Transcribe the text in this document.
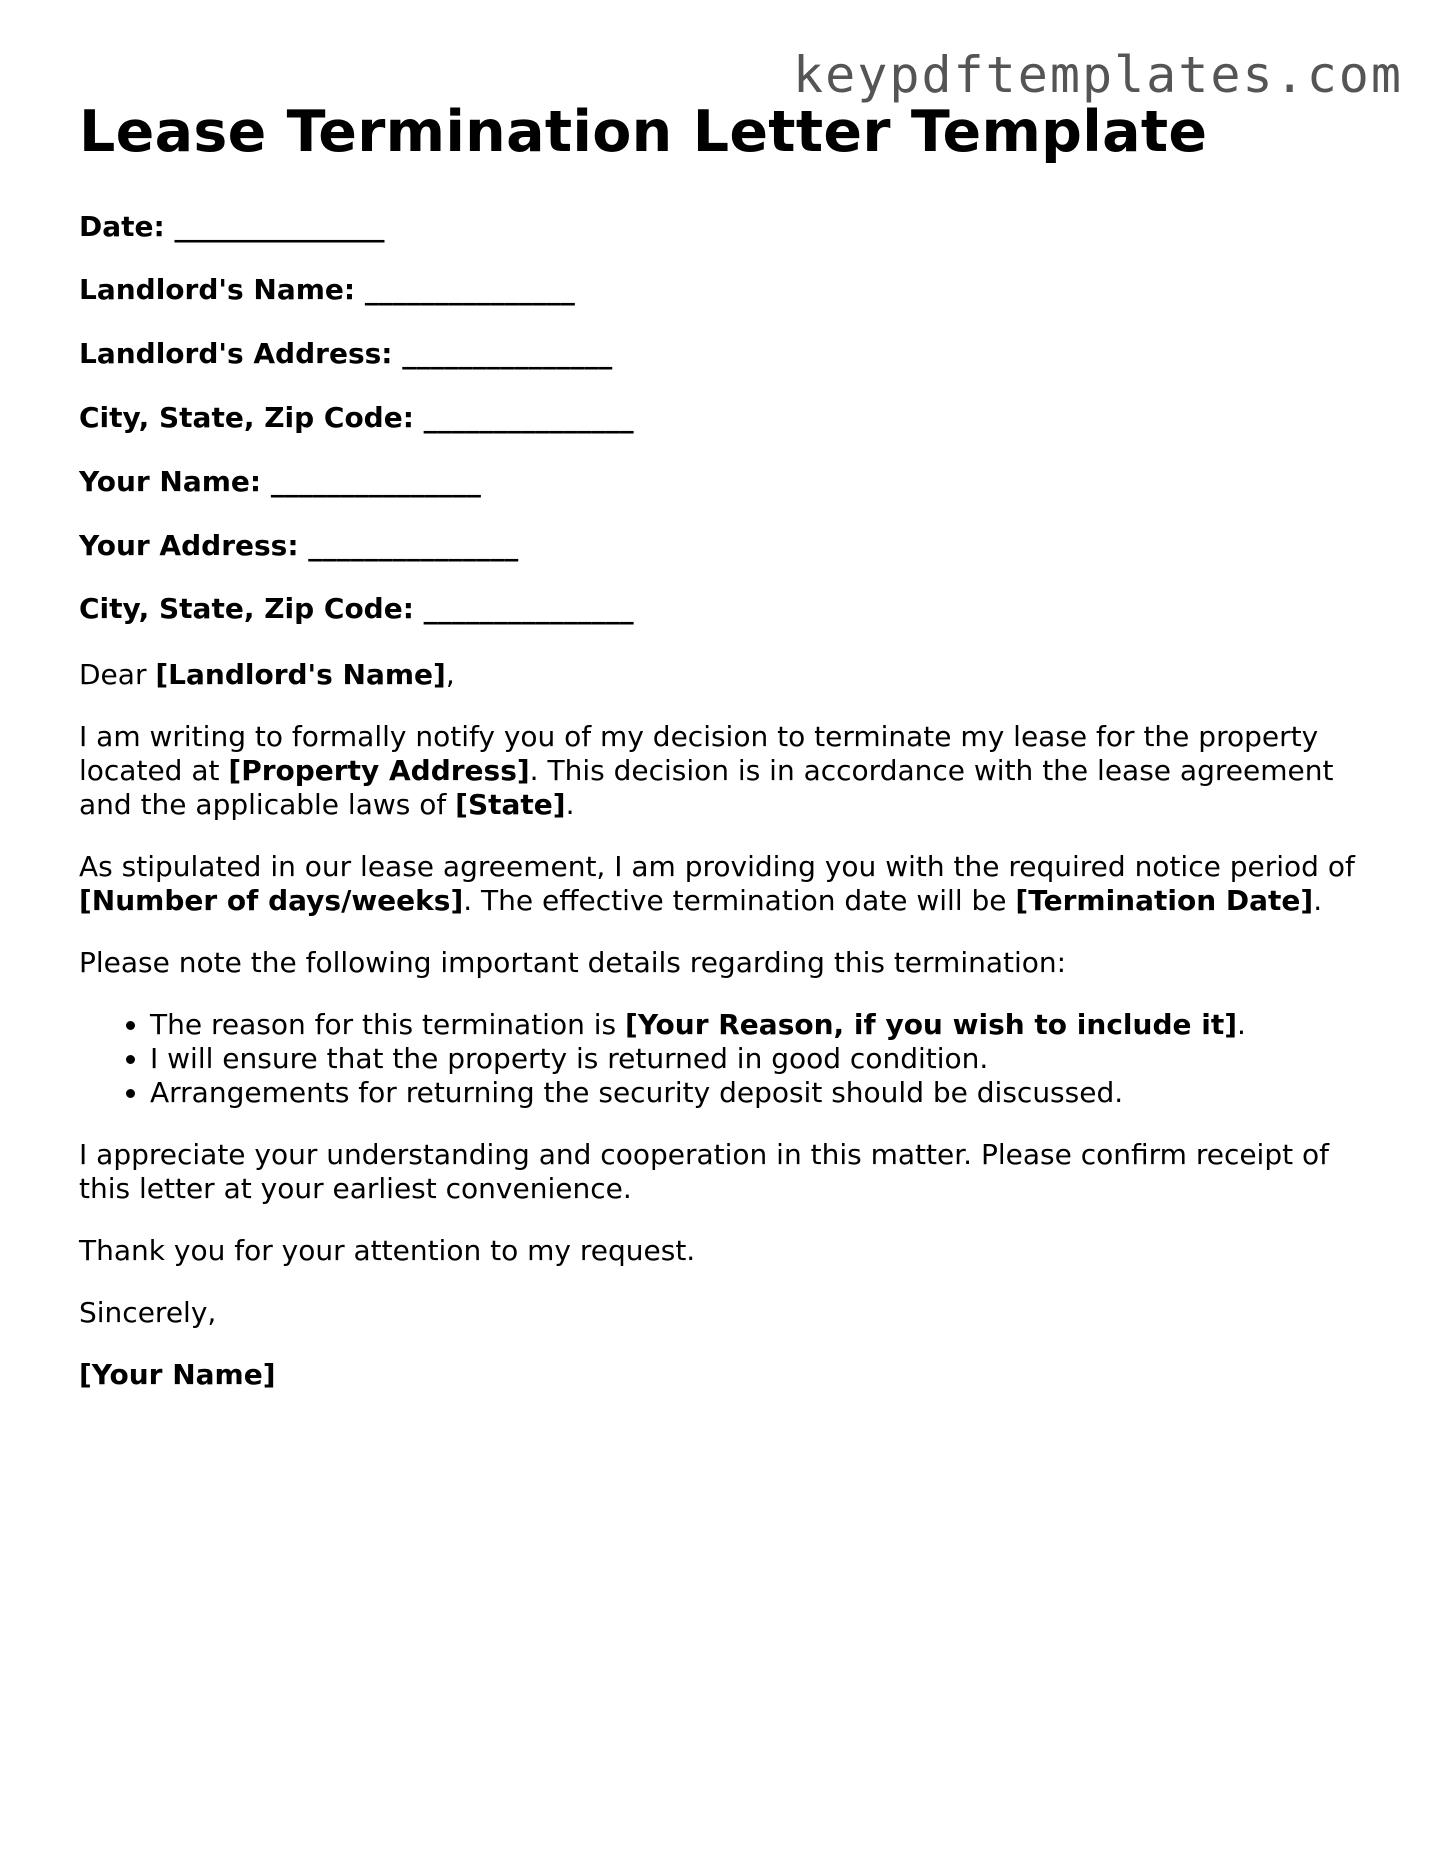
keypdftemplates.com
Lease Termination Letter Template
Date: _______________
Landlord's Name: _______________
Landlord's Address: _______________
City, State, Zip Code: _______________
Your Name: _______________
Your Address: _______________
City, State, Zip Code: _______________

Dear [Landlord's Name],

I am writing to formally notify you of my decision to terminate my lease for the property located at [Property Address]. This decision is in accordance with the lease agreement and the applicable laws of [State].

As stipulated in our lease agreement, I am providing you with the required notice period of [Number of days/weeks]. The effective termination date will be [Termination Date].

Please note the following important details regarding this termination:

• The reason for this termination is [Your Reason, if you wish to include it].
• I will ensure that the property is returned in good condition.
• Arrangements for returning the security deposit should be discussed.

I appreciate your understanding and cooperation in this matter. Please confirm receipt of this letter at your earliest convenience.

Thank you for your attention to my request.

Sincerely,

[Your Name]
